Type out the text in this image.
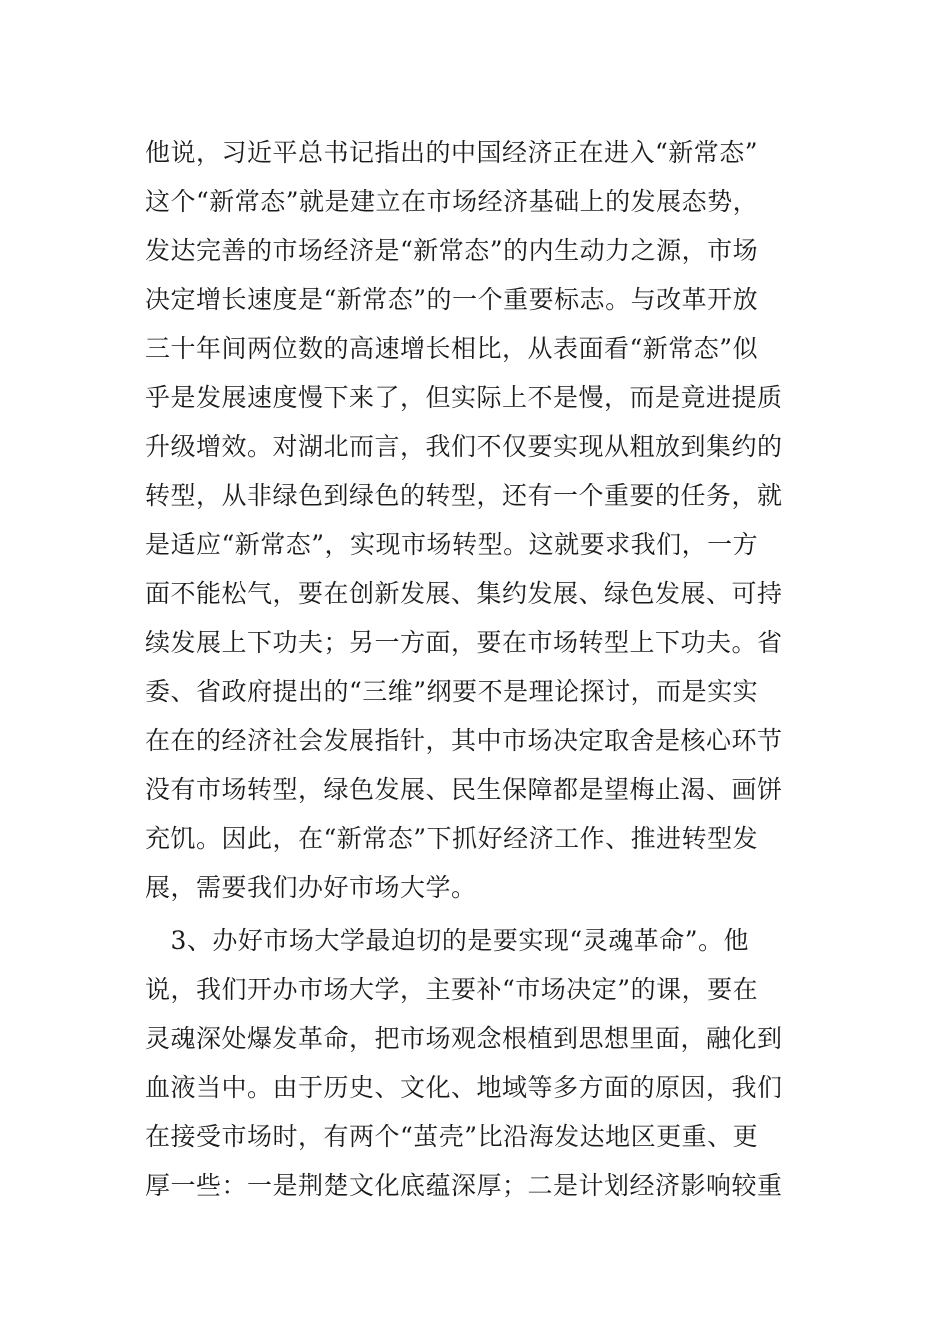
他说，习近平总书记指出的中国经济正在进入“新常态”
这个“新常态”就是建立在市场经济基础上的发展态势，
发达完善的市场经济是“新常态”的内生动力之源，市场
决定增长速度是“新常态”的一个重要标志。与改革开放
三十年间两位数的高速增长相比，从表面看“新常态”似
乎是发展速度慢下来了，但实际上不是慢，而是竟进提质
升级增效。对湖北而言，我们不仅要实现从粗放到集约的
转型，从非绿色到绿色的转型，还有一个重要的任务，就
是适应“新常态”，实现市场转型。这就要求我们，一方
面不能松气，要在创新发展、集约发展、绿色发展、可持
续发展上下功夫；另一方面，要在市场转型上下功夫。省
委、省政府提出的“三维”纲要不是理论探讨，而是实实
在在的经济社会发展指针，其中市场决定取舍是核心环节
没有市场转型，绿色发展、民生保障都是望梅止渴、画饼
充饥。因此，在“新常态”下抓好经济工作、推进转型发
展，需要我们办好市场大学。
　3、办好市场大学最迫切的是要实现“灵魂革命”。他
说，我们开办市场大学，主要补“市场决定”的课，要在
灵魂深处爆发革命，把市场观念根植到思想里面，融化到
血液当中。由于历史、文化、地域等多方面的原因，我们
在接受市场时，有两个“茧壳”比沿海发达地区更重、更
厚一些：一是荆楚文化底蕴深厚；二是计划经济影响较重
